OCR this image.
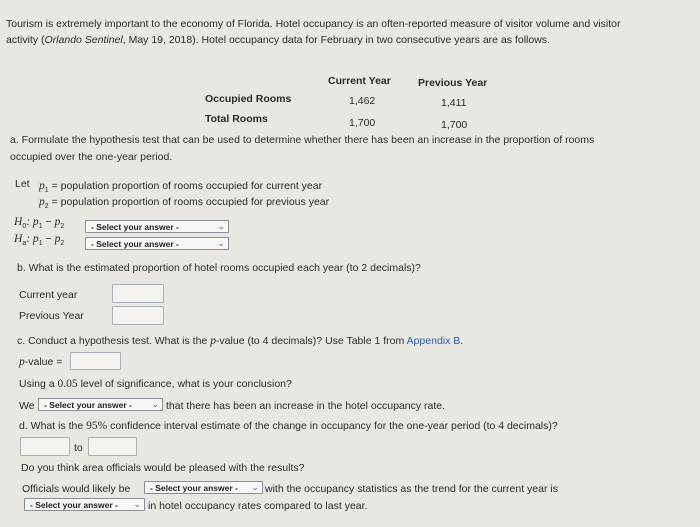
Tourism is extremely important to the economy of Florida. Hotel occupancy is an often-reported measure of visitor volume and visitor
activity (Orlando Sentinel, May 19, 2018). Hotel occupancy data for February in two consecutive years are as follows.
Current Year	Previous Year
Occupied Rooms	1,462	1,411
Total Rooms	1,700	1,700
a. Formulate the hypothesis test that can be used to determine whether there has been an increase in the proportion of rooms
occupied over the one-year period.
Let $p_1$ = population proportion of rooms occupied for current year
$p_2$ = population proportion of rooms occupied for previous year
$H_0$: $p_1 - p_2$	- Select your answer -	⌄
$H_a$: $p_1 - p_2$	- Select your answer -	⌄
b. What is the estimated proportion of hotel rooms occupied each year (to 2 decimals)?
Current year
Previous Year
c. Conduct a hypothesis test. What is the p-value (to 4 decimals)? Use Table 1 from Appendix B.
p-value =
Using a 0.05 level of significance, what is your conclusion?
We	- Select your answer - ⌄ that there has been an increase in the hotel occupancy rate.
d. What is the 95% confidence interval estimate of the change in occupancy for the one-year period (to 4 decimals)?
to
Do you think area officials would be pleased with the results?
Officials would likely be	- Select your answer - ⌄ with the occupancy statistics as the trend for the current year is
- Select your answer - ⌄ in hotel occupancy rates compared to last year.
